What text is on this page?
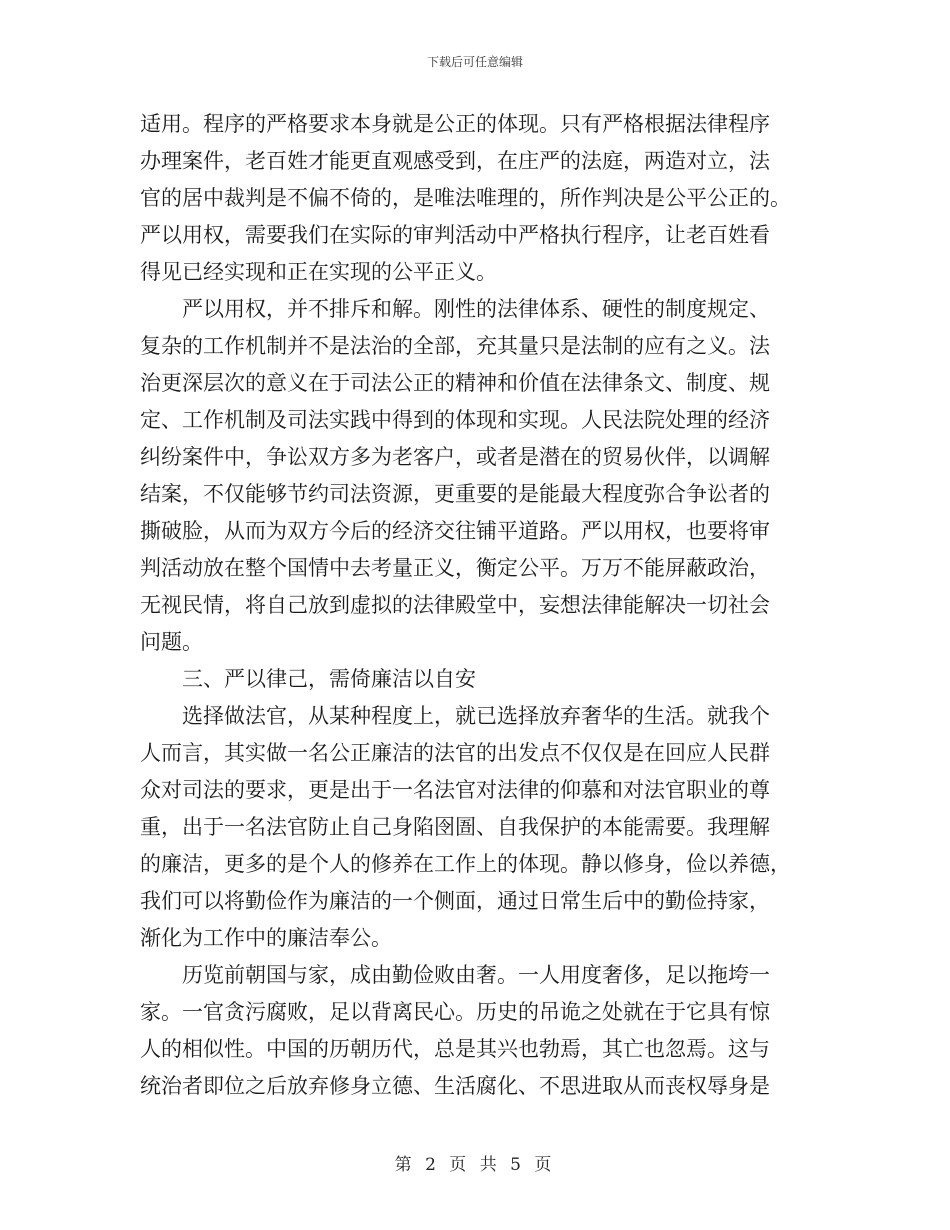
下载后可任意编辑

适用。程序的严格要求本身就是公正的体现。只有严格根据法律程序
办理案件，老百姓才能更直观感受到，在庄严的法庭，两造对立，法
官的居中裁判是不偏不倚的，是唯法唯理的，所作判决是公平公正的。
严以用权，需要我们在实际的审判活动中严格执行程序，让老百姓看
得见已经实现和正在实现的公平正义。

严以用权，并不排斥和解。刚性的法律体系、硬性的制度规定、
复杂的工作机制并不是法治的全部，充其量只是法制的应有之义。法
治更深层次的意义在于司法公正的精神和价值在法律条文、制度、规
定、工作机制及司法实践中得到的体现和实现。人民法院处理的经济
纠纷案件中，争讼双方多为老客户，或者是潜在的贸易伙伴，以调解
结案，不仅能够节约司法资源，更重要的是能最大程度弥合争讼者的
撕破脸，从而为双方今后的经济交往铺平道路。严以用权，也要将审
判活动放在整个国情中去考量正义，衡定公平。万万不能屏蔽政治，
无视民情，将自己放到虚拟的法律殿堂中，妄想法律能解决一切社会
问题。

三、严以律己，需倚廉洁以自安

选择做法官，从某种程度上，就已选择放弃奢华的生活。就我个
人而言，其实做一名公正廉洁的法官的出发点不仅仅是在回应人民群
众对司法的要求，更是出于一名法官对法律的仰慕和对法官职业的尊
重，出于一名法官防止自己身陷囹圄、自我保护的本能需要。我理解
的廉洁，更多的是个人的修养在工作上的体现。静以修身，俭以养德，
我们可以将勤俭作为廉洁的一个侧面，通过日常生后中的勤俭持家，
渐化为工作中的廉洁奉公。

历览前朝国与家，成由勤俭败由奢。一人用度奢侈，足以拖垮一
家。一官贪污腐败，足以背离民心。历史的吊诡之处就在于它具有惊
人的相似性。中国的历朝历代，总是其兴也勃焉，其亡也忽焉。这与
统治者即位之后放弃修身立德、生活腐化、不思进取从而丧权辱身是

第 2 页 共 5 页
